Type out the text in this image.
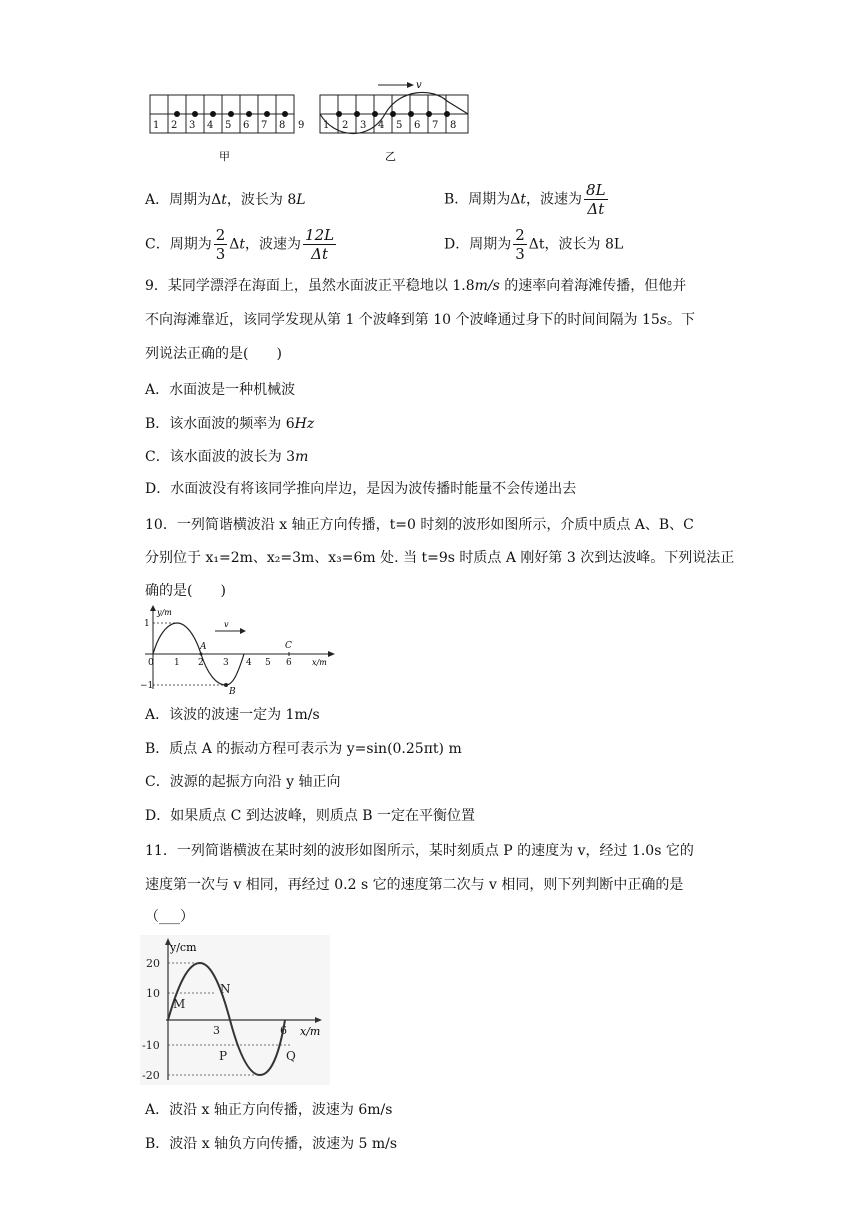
1 2 3 4 5 6 7 8 9 1 2 3 4 5 6 7 8
v
甲	乙
A．周期为Δt，波长为 8L	B．周期为Δt，波速为 $\frac{8L}{\Delta t}$
C．周期为 $\frac{2}{3}$ Δt，波速为 $\frac{12L}{\Delta t}$	D．周期为 $\frac{2}{3}$ Δt，波长为 8L
9．某同学漂浮在海面上，虽然水面波正平稳地以 1.8m/s 的速率向着海滩传播，但他并
不向海滩靠近，该同学发现从第 1 个波峰到第 10 个波峰通过身下的时间间隔为 15s。下
列说法正确的是(　　)
A．水面波是一种机械波
B．该水面波的频率为 6Hz
C．该水面波的波长为 3m
D．水面波没有将该同学推向岸边，是因为波传播时能量不会传递出去
10．一列简谐横波沿 x 轴正方向传播，t=0 时刻的波形如图所示，介质中质点 A、B、C
分别位于 x₁=2m、x₂=3m、x₃=6m 处. 当 t=9s 时质点 A 刚好第 3 次到达波峰。下列说法正
确的是(　　)
v
y/m
x/m
0 1 2 3 4 5 6
1
−1
A
B
C
A．该波的波速一定为 1m/s
B．质点 A 的振动方程可表示为 y=sin(0.25πt) m
C．波源的起振方向沿 y 轴正向
D．如果质点 C 到达波峰，则质点 B 一定在平衡位置
11．一列简谐横波在某时刻的波形如图所示，某时刻质点 P 的速度为 v，经过 1.0s 它的
速度第一次与 v 相同，再经过 0.2 s 它的速度第二次与 v 相同，则下列判断中正确的是
（___）
y/cm
x/m
20
10
-10
-20
3	6
M
N
P	Q
A．波沿 x 轴正方向传播，波速为 6m/s
B．波沿 x 轴负方向传播，波速为 5 m/s
